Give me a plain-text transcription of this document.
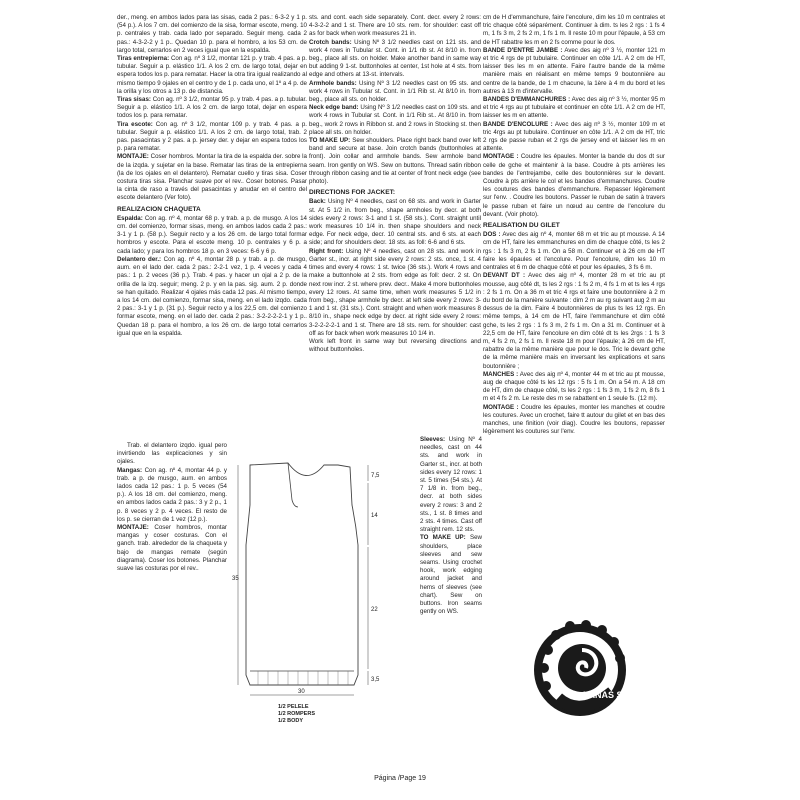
der., meng. en ambos lados para las sisas, cada 2 pas.: 6-3-2 y 1 p. (54 p.). A los 7 cm. del comienzo de la sisa, formar escote, meng. 10 p. centrales y trab. cada lado por separado. Seguir meng. cada 2 pas.: 4-3-2-2 y 1 p.. Quedan 10 p. para el hombro, a los 53 cm. de largo total, cerrarlos en 2 veces igual que en la espalda.

Tiras entrepierna: Con ag. nº 3 1/2, montar 121 p. y trab. 4 pas. a p. tubular. Seguir a p. elástico 1/1. A los 2 cm. de largo total, dejar en espera todos los p. para rematar. Hacer la otra tira igual realizando al mismo tiempo 9 ojales en el centro y de 1 p. cada uno, el 1º a 4 p. de la orilla y los otros a 13 p. de distancia.

Tiras sisas: Con ag. nº 3 1/2, montar 95 p. y trab. 4 pas. a p. tubular. Seguir a p. elástico 1/1. A los 2 cm. de largo total, dejar en espera todos los p. para rematar.

Tira escote: Con ag. nº 3 1/2, montar 109 p. y trab. 4 pas. a p. tubular. Seguir a p. elástico 1/1. A los 2 cm. de largo total, trab. 2 pas. pasacintas y 2 pas. a p. jersey der. y dejar en espera todos los p. para rematar.

MONTAJE: Coser hombros. Montar la tira de la espalda der. sobre la de la izqda. y sujetar en la base. Rematar las tiras de la entrepierna (la de los ojales en el delantero). Rematar cuello y tiras sisa. Coser costura tiras sisa. Planchar suave por el rev.. Coser botones. Pasar la cinta de raso a través del pasacintas y anudar en el centro del escote delantero (Ver foto).

REALIZACION CHAQUETA

Espalda: Con ag. nº 4, montar 68 p. y trab. a p. de musgo. A los 14 cm. del comienzo, formar sisas, meng. en ambos lados cada 2 pas.: 3-1 y 1 p. (58 p.). Seguir recto y a los 26 cm. de largo total formar hombros y escote. Para el escote meng. 10 p. centrales y 6 p. a cada lado; y para los hombros 18 p. en 3 veces: 6-6 y 6 p.

Delantero der.: Con ag. nº 4, montar 28 p. y trab. a p. de musgo, aum. en el lado der. cada 2 pas.: 2-2-1 vez, 1 p. 4 veces y cada 4 pas.: 1 p. 2 veces (36 p.). Trab. 4 pas. y hacer un ojal a 2 p. de la orilla de la izq. seguir; meng. 2 p. y en la pas. sig. aum. 2 p. donde se han quitado. Realizar 4 ojales más cada 12 pas. Al mismo tiempo, a los 14 cm. del comienzo, formar sisa, meng. en el lado izqdo. cada 2 pas.: 3-1 y 1 p. (31 p.). Seguir recto y a los 22,5 cm. del comienzo formar escote, meng. en el lado der. cada 2 pas.: 3-2-2-2-2-1 y 1 p.. Quedan 18 p. para el hombro, a los 26 cm. de largo total cerrarlos igual que en la espalda.

Trab. el delantero izqdo. igual pero invirtiendo las explicaciones y sin ojales.

Mangas: Con ag. nº 4, montar 44 p. y trab. a p. de musgo, aum. en ambos lados cada 12 pas.: 1 p. 5 veces (54 p.). A los 18 cm. del comienzo, meng. en ambos lados cada 2 pas.: 3 y 2 p., 1 p. 8 veces y 2 p. 4 veces. El resto de los p. se cierran de 1 vez (12 p.).

MONTAJE: Coser hombros, montar mangas y coser costuras. Con el ganch. trab. alrededor de la chaqueta y bajo de mangas remate (según diagrama). Coser los botones. Planchar suave las costuras por el rev..

sts. and cont. each side separately. Cont. decr. every 2 rows: 4-3-2-2 and 1 st. There are 10 sts. rem. for shoulder: cast off as for back when work measures 21 in.

Crotch bands: Using Nº 3 1/2 needles cast on 121 sts. and work 4 rows in Tubular st. Cont. in 1/1 rib st. At 8/10 in. from beg., place all sts. on holder. Make another band in same way but adding 9 1-st. buttonholes at center, 1st hole at 4 sts. from edge and others at 13-st. intervals.

Armhole bands: Using Nº 3 1/2 needles cast on 95 sts. and work 4 rows in Tubular st. Cont. in 1/1 Rib st. At 8/10 in. from beg., place all sts. on holder.

Neck edge band: Using Nº 3 1/2 needles cast on 109 sts. and work 4 rows in Tubular st. Cont. in 1/1 Rib st.. At 8/10 in. from beg., work 2 rows in Ribbon st. and 2 rows in Stocking st. then place all sts. on holder.

TO MAKE UP: Sew shoulders. Place right back band over left band and secure at base. Join crotch bands (buttonholes at front). Join collar and armhole bands. Sew armhole band seam. Iron gently on WS. Sew on buttons. Thread satin ribbon through ribbon casing and tie at center of front neck edge (see photo).

DIRECTIONS FOR JACKET:

Back: Using Nº 4 needles, cast on 68 sts. and work in Garter st. At 5 1/2 in. from beg., shape armholes by decr. at both sides every 2 rows: 3-1 and 1 st. (58 sts.). Cont. straight until work measures 10 1/4 in. then shape shoulders and neck edge. For neck edge, decr. 10 central sts. and 6 sts. at each side; and for shoulders decr. 18 sts. as foll: 6-6 and 6 sts.

Right front: Using Nº 4 needles, cast on 28 sts. and work in Garter st., incr. at right side every 2 rows: 2 sts. once, 1 st. 4 times and every 4 rows: 1 st. twice (36 sts.). Work 4 rows and make a buttonhole at 2 sts. from edge as foll: decr. 2 st. On next row incr. 2 st. where prev. decr.. Make 4 more buttonholes every 12 rows. At same time, when work measures 5 1/2 in from beg., shape armhole by decr. at left side every 2 rows: 3-1 and 1 st. (31 sts.). Cont. straight and when work measures 8 8/10 in., shape neck edge by decr. at right side every 2 rows: 3-2-2-2-2-1 and 1 st. There are 18 sts. rem. for shoulder: cast off as for back when work measures 10 1/4 in.

Work left front in same way but reversing directions and without buttonholes.

Sleeves: Using Nº 4 needles, cast on 44 sts. and work in Garter st., incr. at both sides every 12 rows: 1 st. 5 times (54 sts.). At 7 1/8 in. from beg., decr. at both sides every 2 rows: 3 and 2 sts., 1 st. 8 times and 2 sts. 4 times. Cast off straight rem. 12 sts.

TO MAKE UP: Sew shoulders, place sleeves and sew seams. Using crochet hook, work edging around jacket and hems of sleeves (see chart). Sew on buttons. Iron seams gently on WS.

cm de H d'emmanchure, faire l'encolure, dim les 10 m centrales et tric chaque côté séparément. Continuer à dim. ts les 2 rgs : 1 fs 4 m, 1 fs 3 m, 2 fs 2 m, 1 fs 1 m. Il reste 10 m pour l'épaule, à 53 cm de HT rabattre les m en 2 fs comme pour le dos.

BANDE D'ENTRE JAMBE : Avec des aig nº 3 ½, monter 121 m et tric 4 rgs de pt tubulaire. Continuer en côte 1/1. A 2 cm de HT, laisser tles les m en attente. Faire l'autre bande de la même manière mais en réalisant en même temps 9 boutonnière au centre de la bande, de 1 m chacune, la 1ère à 4 m du bord et les autres à 13 m d'intervalle.

BANDES D'EMMANCHURES : Avec des aig nº 3 ½, monter 95 m et tric 4 rgs au pt tubulaire et continuer en côte 1/1. A 2 cm de HT, laisser les m en attente.

BANDE D'ENCOLURE : Avec des aig nº 3 ½, monter 109 m et tric 4rgs au pt tubulaire. Continuer en côte 1/1. A 2 cm de HT, tric 2 rgs de passe ruban et 2 rgs de jersey end et laisser les m en attente.

MONTAGE : Coudre les épaules. Monter la bande du dos dt sur celle de gche et maintenir à la base. Coudre à pts arrières les bandes de l'entrejambe, celle des boutonnières sur le devant. Coudre à pts arrière le col et les bandes d'emmanchures. Coudre les coutures des bandes d'emmanchure. Repasser légèrement sur l'env. . Coudre les boutons. Passer le ruban de satin à travers le passe ruban et faire un nœud au centre de l'encolure du devant. (Voir photo).

REALISATION DU GILET

DOS : Avec des aig nº 4, monter 68 m et tric au pt mousse. A 14 cm de HT, faire les emmanchures en dim de chaque côté, ts les 2 rgs : 1 fs 3 m, 2 fs 1 m. On a 58 m. Continuer et à 26 cm de HT faire les épaules et l'encolure. Pour l'encolure, dim les 10 m centrales et 6 m de chaque côté et pour les épaules, 3 fs 6 m.

DEVANT DT : Avec des aig nº 4, monter 28 m et tric au pt mousse, aug côté dt, ts les 2 rgs : 1 fs 2 m, 4 fs 1 m et ts les 4 rgs : 2 fs 1 m. On a 36 m et tric 4 rgs et faire une boutonnière à 2 m du bord de la manière suivante : dim 2 m au rg suivant aug 2 m au dessus de la dim. Faire 4 boutonnières de plus ts les 12 rgs. En même temps, à 14 cm de HT, faire l'emmanchure et dim côté gche, ts les 2 rgs : 1 fs 3 m, 2 fs 1 m. On a 31 m. Continuer et à 22,5 cm de HT, faire l'encolure en dim côté dt ts les 2rgs : 1 fs 3 m, 4 fs 2 m, 2 fs 1 m. Il reste 18 m pour l'épaule; à 26 cm de HT, rabattre de la même manière que pour le dos. Tric le devant gche de la même manière mais en inversant les explications et sans boutonnière ;

MANCHES : Avec des aig nº 4, monter 44 m et tric au pt mousse, aug de chaque côté ts les 12 rgs : 5 fs 1 m. On a 54 m. A 18 cm de HT, dim de chaque côté, ts les 2 rgs : 1 fs 3 m, 1 fs 2 m, 8 fs 1 m et 4 fs 2 m. Le reste des m se rabattent en 1 seule fs. (12 m).

MONTAGE : Coudre les épaules, monter les manches et coudre les coutures. Avec un crochet, faire tt autour du gilet et en bas des manches, une finition (voir diag). Coudre les boutons, repasser légèrement les coutures sur l'env.

35
7,5
14
22
3,5
30
1/2 PELELE
1/2 ROMPERS
1/2 BODY
LANAS Stop
Página /Page 19
